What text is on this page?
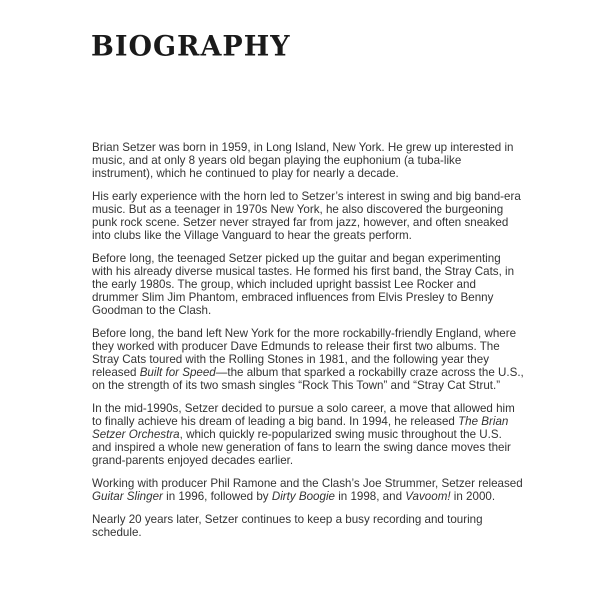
BIOGRAPHY

Brian Setzer was born in 1959, in Long Island, New York. He grew up interested in music, and at only 8 years old began playing the euphonium (a tuba-like instrument), which he continued to play for nearly a decade.

His early experience with the horn led to Setzer’s interest in swing and big band-era music. But as a teenager in 1970s New York, he also discovered the burgeoning punk rock scene. Setzer never strayed far from jazz, however, and often sneaked into clubs like the Village Vanguard to hear the greats perform.

Before long, the teenaged Setzer picked up the guitar and began experimenting with his already diverse musical tastes. He formed his first band, the Stray Cats, in the early 1980s. The group, which included upright bassist Lee Rocker and drummer Slim Jim Phantom, embraced influences from Elvis Presley to Benny Goodman to the Clash.

Before long, the band left New York for the more rockabilly-friendly England, where they worked with producer Dave Edmunds to release their first two albums. The Stray Cats toured with the Rolling Stones in 1981, and the following year they released Built for Speed—the album that sparked a rockabilly craze across the U.S., on the strength of its two smash singles “Rock This Town” and “Stray Cat Strut.”

In the mid-1990s, Setzer decided to pursue a solo career, a move that allowed him to finally achieve his dream of leading a big band. In 1994, he released The Brian Setzer Orchestra, which quickly re-popularized swing music throughout the U.S. and inspired a whole new generation of fans to learn the swing dance moves their grand-parents enjoyed decades earlier.

Working with producer Phil Ramone and the Clash’s Joe Strummer, Setzer released Guitar Slinger in 1996, followed by Dirty Boogie in 1998, and Vavoom! in 2000.

Nearly 20 years later, Setzer continues to keep a busy recording and touring schedule.
